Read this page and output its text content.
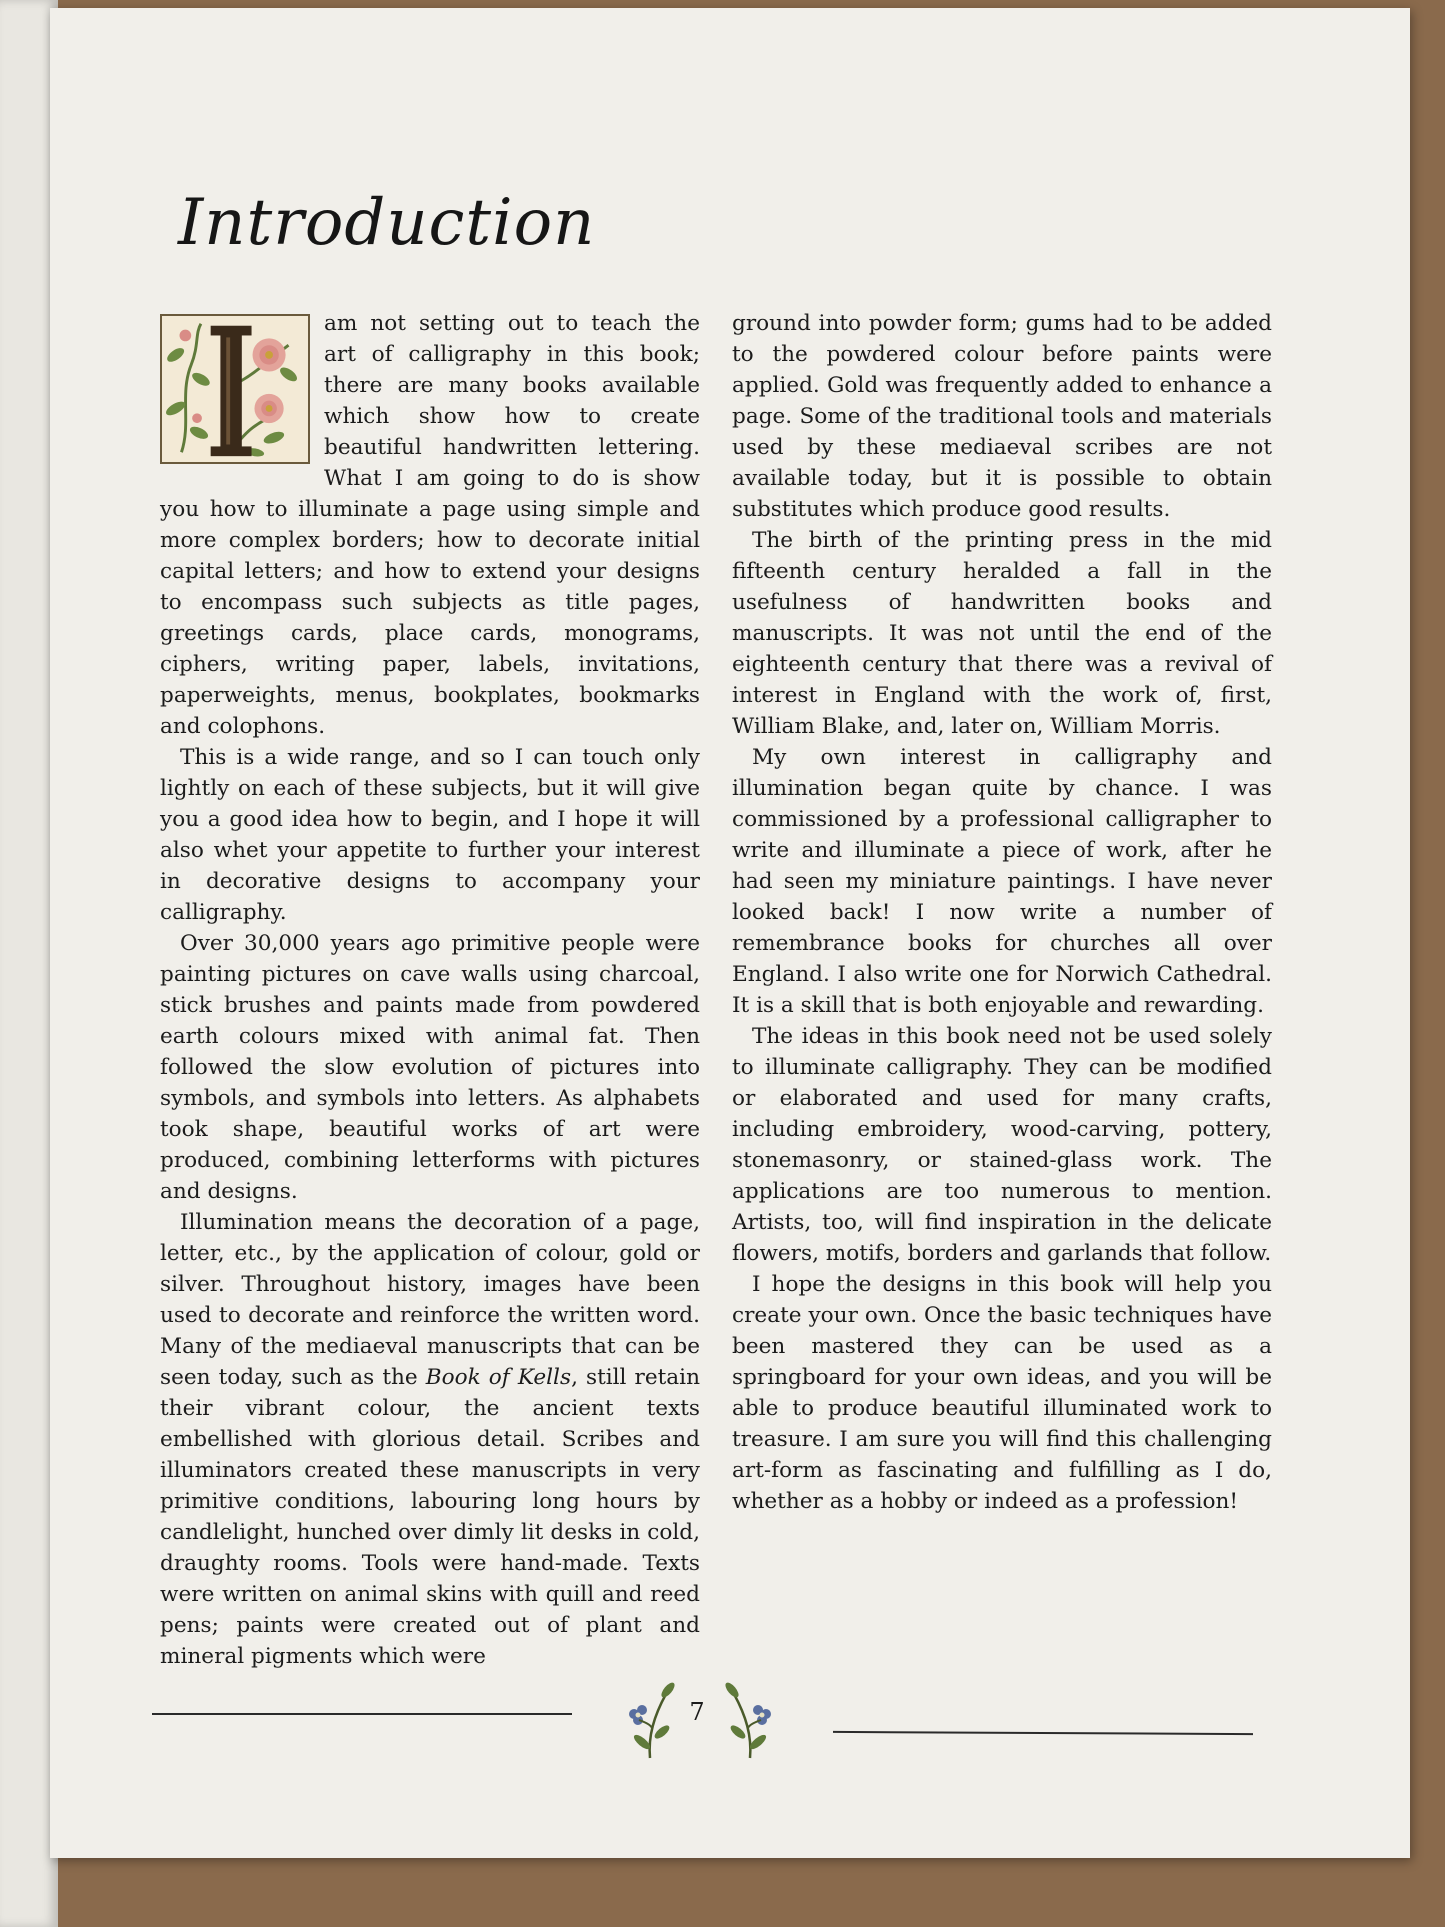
Introduction

am not setting out to teach the art of calligraphy in this book; there are many books available which show how to create beautiful handwritten lettering. What I am going to do is show you how to illuminate a page using simple and more complex borders; how to decorate initial capital letters; and how to extend your designs to encompass such subjects as title pages, greetings cards, place cards, monograms, ciphers, writing paper, labels, invitations, paperweights, menus, bookplates, bookmarks and colophons.

This is a wide range, and so I can touch only lightly on each of these subjects, but it will give you a good idea how to begin, and I hope it will also whet your appetite to further your interest in decorative designs to accompany your calligraphy.

Over 30,000 years ago primitive people were painting pictures on cave walls using charcoal, stick brushes and paints made from powdered earth colours mixed with animal fat. Then followed the slow evolution of pictures into symbols, and symbols into letters. As alphabets took shape, beautiful works of art were produced, combining letterforms with pictures and designs.

Illumination means the decoration of a page, letter, etc., by the application of colour, gold or silver. Throughout history, images have been used to decorate and reinforce the written word. Many of the mediaeval manuscripts that can be seen today, such as the Book of Kells, still retain their vibrant colour, the ancient texts embellished with glorious detail. Scribes and illuminators created these manuscripts in very primitive conditions, labouring long hours by candlelight, hunched over dimly lit desks in cold, draughty rooms. Tools were hand-made. Texts were written on animal skins with quill and reed pens; paints were created out of plant and mineral pigments which were

ground into powder form; gums had to be added to the powdered colour before paints were applied. Gold was frequently added to enhance a page. Some of the traditional tools and materials used by these mediaeval scribes are not available today, but it is possible to obtain substitutes which produce good results.

The birth of the printing press in the mid fifteenth century heralded a fall in the usefulness of handwritten books and manuscripts. It was not until the end of the eighteenth century that there was a revival of interest in England with the work of, first, William Blake, and, later on, William Morris.

My own interest in calligraphy and illumination began quite by chance. I was commissioned by a professional calligrapher to write and illuminate a piece of work, after he had seen my miniature paintings. I have never looked back! I now write a number of remembrance books for churches all over England. I also write one for Norwich Cathedral. It is a skill that is both enjoyable and rewarding.

The ideas in this book need not be used solely to illuminate calligraphy. They can be modified or elaborated and used for many crafts, including embroidery, wood-carving, pottery, stonemasonry, or stained-glass work. The applications are too numerous to mention. Artists, too, will find inspiration in the delicate flowers, motifs, borders and garlands that follow.

I hope the designs in this book will help you create your own. Once the basic techniques have been mastered they can be used as a springboard for your own ideas, and you will be able to produce beautiful illuminated work to treasure. I am sure you will find this challenging art-form as fascinating and fulfilling as I do, whether as a hobby or indeed as a profession!

7
